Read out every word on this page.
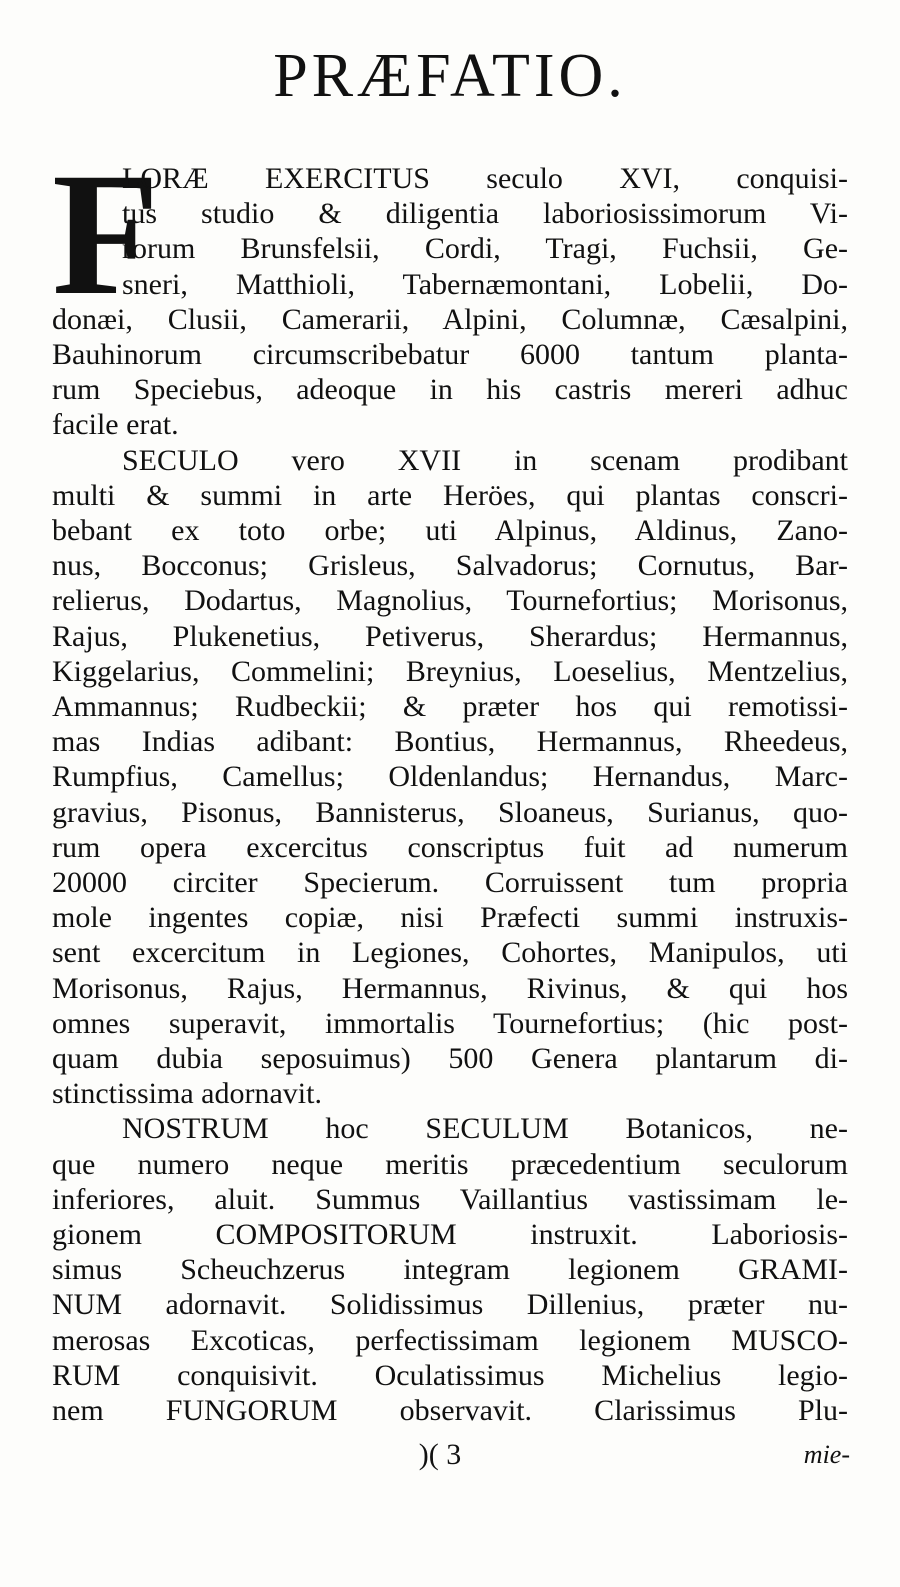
PRÆFATIO.
F
LORÆ EXERCITUS seculo XVI, conquisi-
tus studio & diligentia laboriosissimorum Vi-
rorum Brunsfelsii, Cordi, Tragi, Fuchsii, Ge-
sneri, Matthioli, Tabernæmontani, Lobelii, Do-
donæi, Clusii, Camerarii, Alpini, Columnæ, Cæsalpini,
Bauhinorum circumscribebatur 6000 tantum planta-
rum Speciebus, adeoque in his castris mereri adhuc
facile erat.
SECULO vero XVII in scenam prodibant
multi & summi in arte Heröes, qui plantas conscri-
bebant ex toto orbe; uti Alpinus, Aldinus, Zano-
nus, Bocconus; Grisleus, Salvadorus; Cornutus, Bar-
relierus, Dodartus, Magnolius, Tournefortius; Morisonus,
Rajus, Plukenetius, Petiverus, Sherardus; Hermannus,
Kiggelarius, Commelini; Breynius, Loeselius, Mentzelius,
Ammannus; Rudbeckii; & præter hos qui remotissi-
mas Indias adibant: Bontius, Hermannus, Rheedeus,
Rumpfius, Camellus; Oldenlandus; Hernandus, Marc-
gravius, Pisonus, Bannisterus, Sloaneus, Surianus, quo-
rum opera excercitus conscriptus fuit ad numerum
20000 circiter Specierum. Corruissent tum propria
mole ingentes copiæ, nisi Præfecti summi instruxis-
sent excercitum in Legiones, Cohortes, Manipulos, uti
Morisonus, Rajus, Hermannus, Rivinus, & qui hos
omnes superavit, immortalis Tournefortius; (hic post-
quam dubia seposuimus) 500 Genera plantarum di-
stinctissima adornavit.
NOSTRUM hoc SECULUM Botanicos, ne-
que numero neque meritis præcedentium seculorum
inferiores, aluit. Summus Vaillantius vastissimam le-
gionem COMPOSITORUM instruxit. Laboriosis-
simus Scheuchzerus integram legionem GRAMI-
NUM adornavit. Solidissimus Dillenius, præter nu-
merosas Excoticas, perfectissimam legionem MUSCO-
RUM conquisivit. Oculatissimus Michelius legio-
nem FUNGORUM observavit. Clarissimus Plu-
)( 3	mie-
